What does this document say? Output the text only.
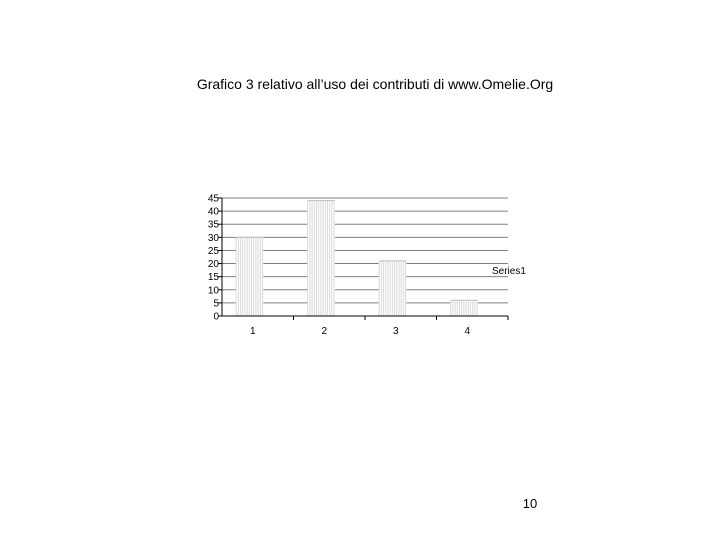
Grafico 3 relativo all’uso dei contributi di www.Omelie.Org
0
5
10
15
20
25
30
35
40
45
1	2	3	4
Series1
10
